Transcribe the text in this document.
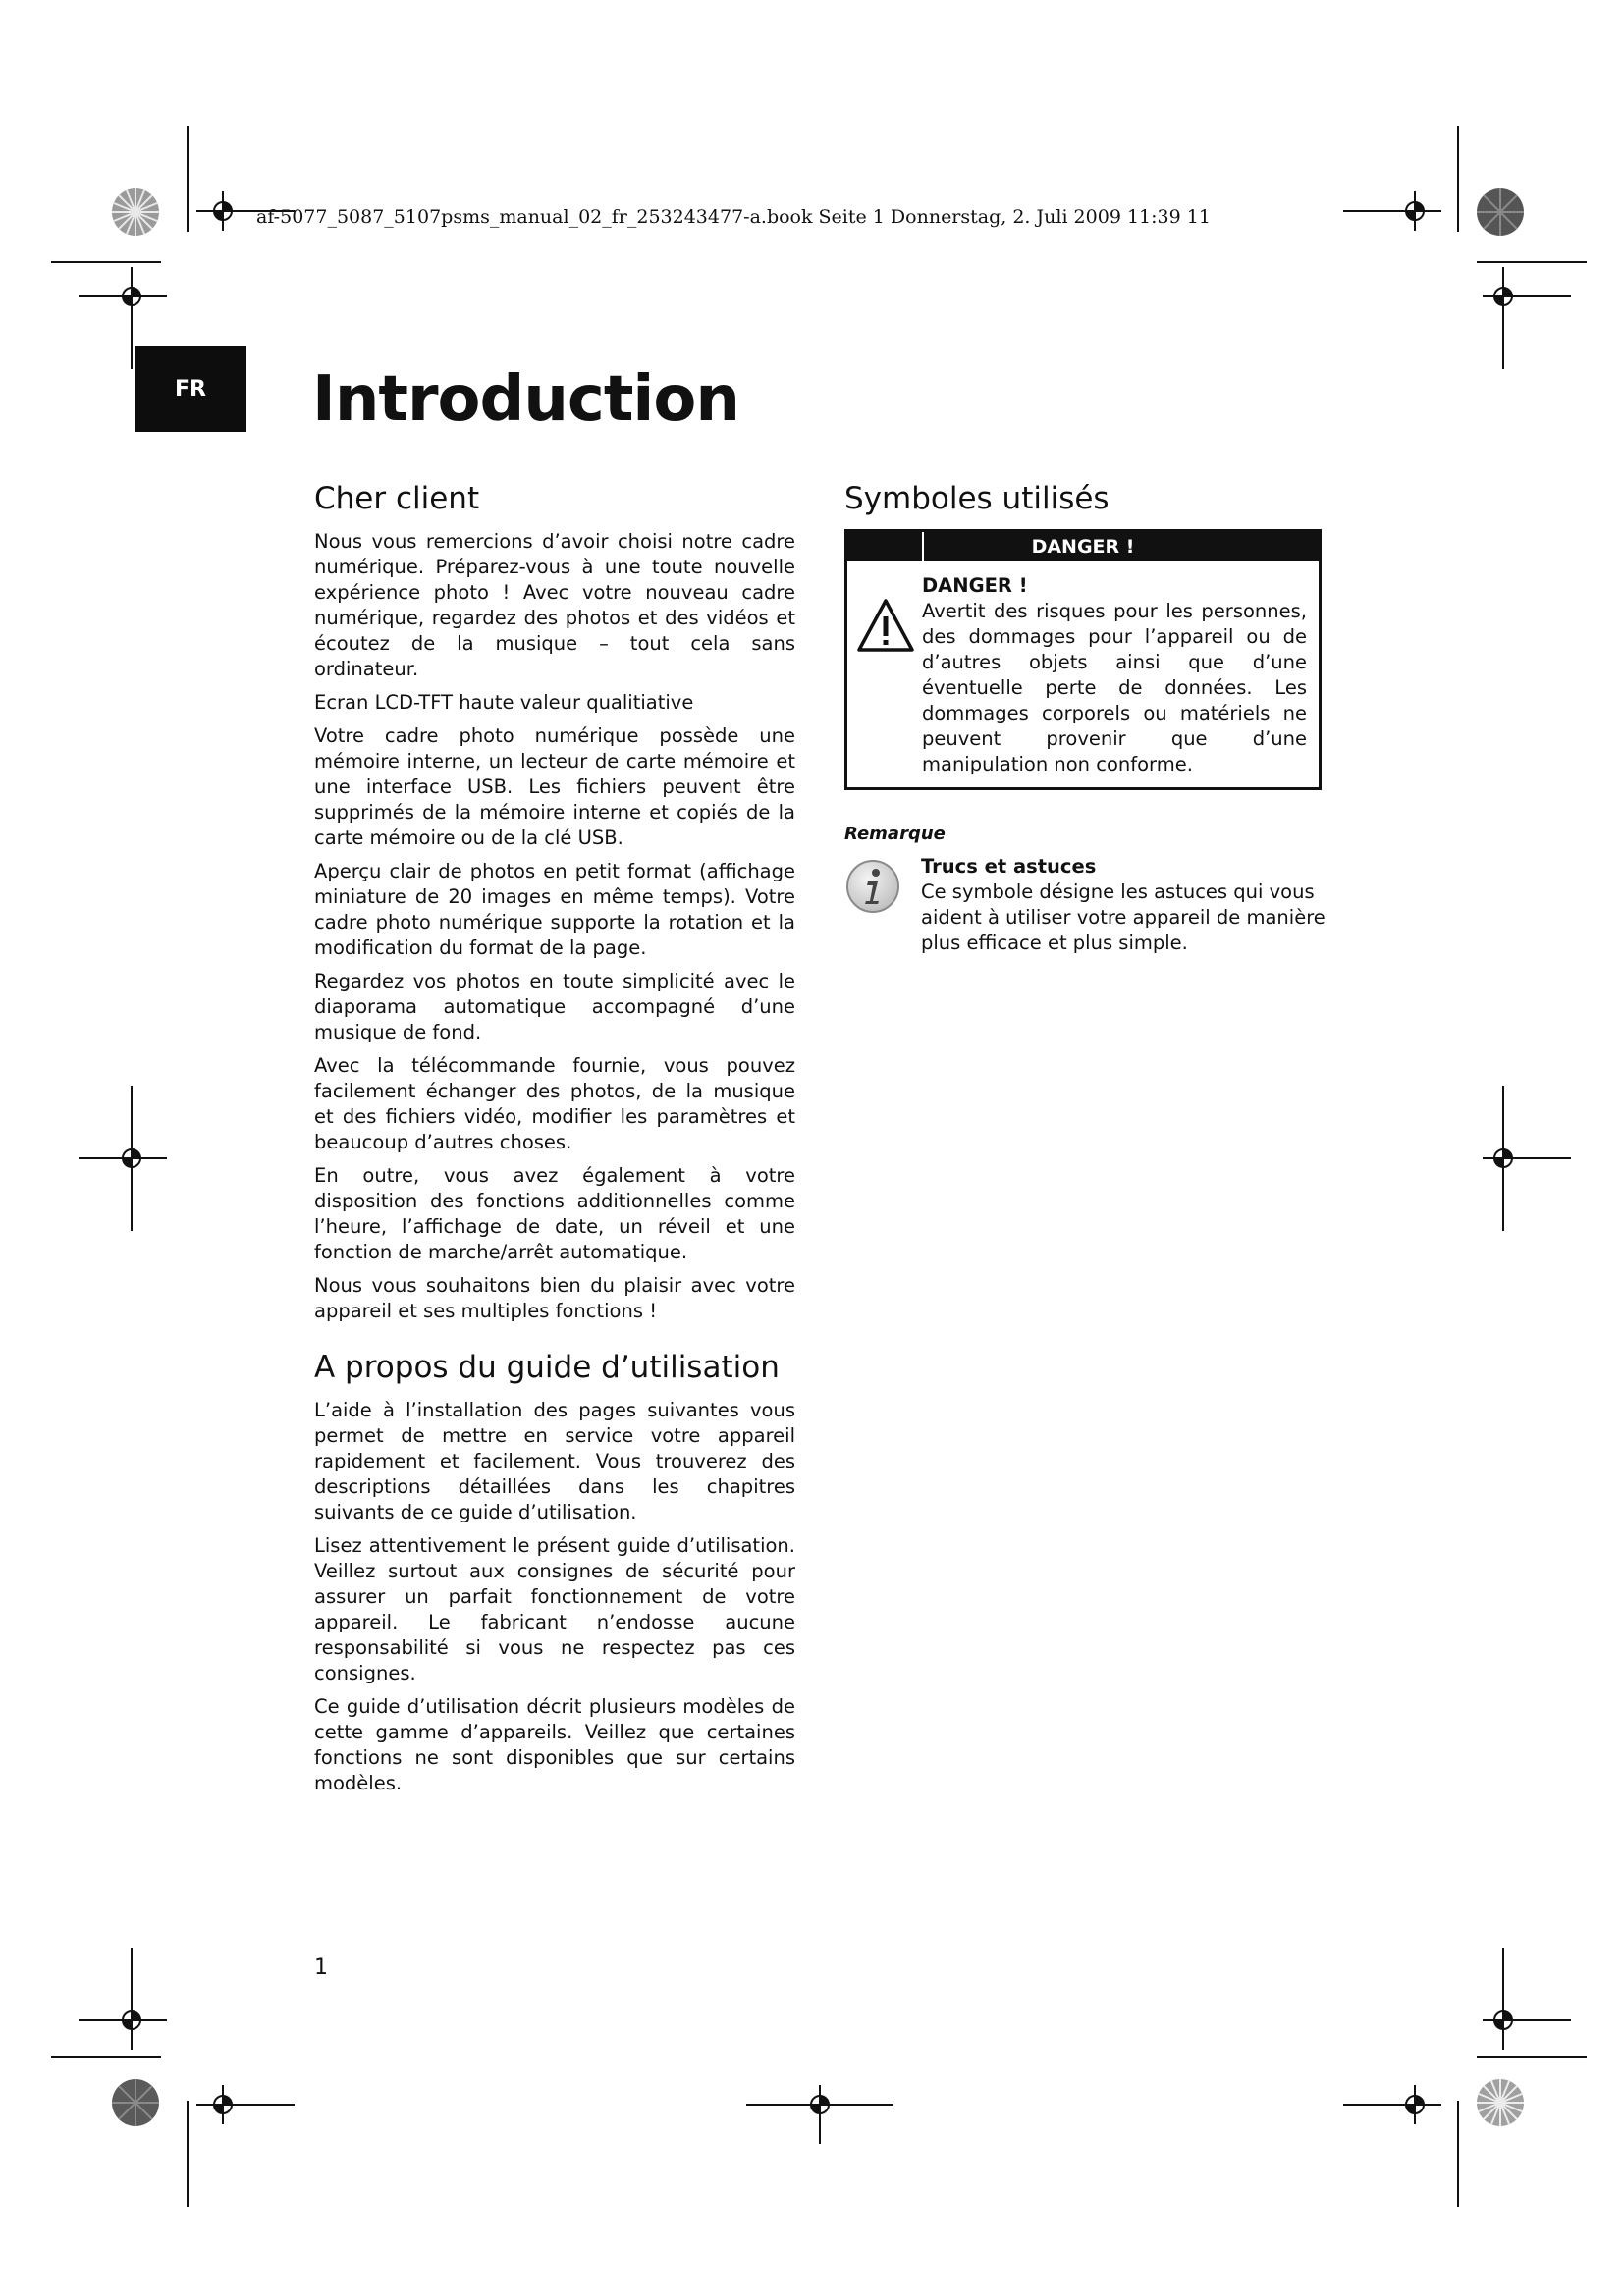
af-5077_5087_5107psms_manual_02_fr_253243477-a.book Seite 1 Donnerstag, 2. Juli 2009 11:39 11
FR	Introduction
Cher client

Nous vous remercions d’avoir choisi notre cadre numérique. Préparez-vous à une toute nouvelle expérience photo ! Avec votre nouveau cadre numérique, regardez des photos et des vidéos et écoutez de la musique – tout cela sans ordinateur.

Ecran LCD-TFT haute valeur qualitiative

Votre cadre photo numérique possède une mémoire interne, un lecteur de carte mémoire et une interface USB. Les fichiers peuvent être supprimés de la mémoire interne et copiés de la carte mémoire ou de la clé USB.

Aperçu clair de photos en petit format (affichage miniature de 20 images en même temps). Votre cadre photo numérique supporte la rotation et la modification du format de la page.

Regardez vos photos en toute simplicité avec le diaporama automatique accompagné d’une musique de fond.

Avec la télécommande fournie, vous pouvez facilement échanger des photos, de la musique et des fichiers vidéo, modifier les paramètres et beaucoup d’autres choses.

En outre, vous avez également à votre disposition des fonctions additionnelles comme l’heure, l’affichage de date, un réveil et une fonction de marche/arrêt automatique.

Nous vous souhaitons bien du plaisir avec votre appareil et ses multiples fonctions !

A propos du guide d’utilisation

L’aide à l’installation des pages suivantes vous permet de mettre en service votre appareil rapidement et facilement. Vous trouverez des descriptions détaillées dans les chapitres suivants de ce guide d’utilisation.

Lisez attentivement le présent guide d’utilisation. Veillez surtout aux consignes de sécurité pour assurer un parfait fonctionnement de votre appareil. Le fabricant n’endosse aucune responsabilité si vous ne respectez pas ces consignes.

Ce guide d’utilisation décrit plusieurs modèles de cette gamme d’appareils. Veillez que certaines fonctions ne sont disponibles que sur certains modèles.

Symboles utilisés
DANGER !
DANGER !

Avertit des risques pour les personnes, des dommages pour l’appareil ou de d’autres objets ainsi que d’une éventuelle perte de données. Les dommages corporels ou matériels ne peuvent provenir que d’une manipulation non conforme.

Remarque
Trucs et astuces

Ce symbole désigne les astuces qui vous aident à utiliser votre appareil de manière plus efficace et plus simple.

1
